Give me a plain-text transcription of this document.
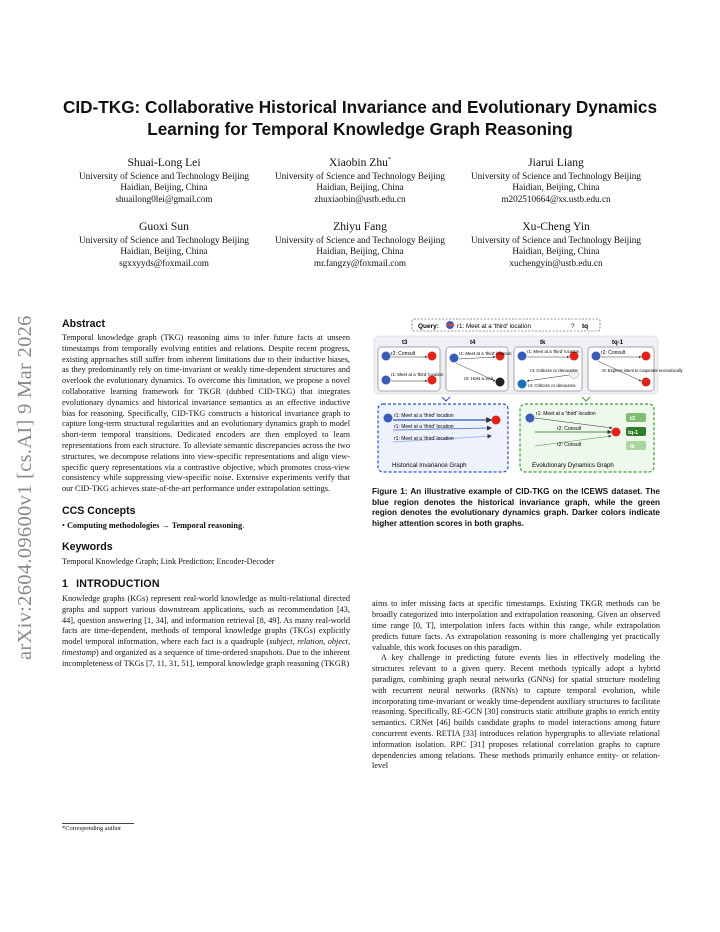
arXiv:2604.09600v1 [cs.AI] 9 Mar 2026
CID-TKG: Collaborative Historical Invariance and Evolutionary Dynamics Learning for Temporal Knowledge Graph Reasoning
Shuai-Long Lei
University of Science and Technology Beijing
Haidian, Beijing, China
shuailong0lei@gmail.com
Xiaobin Zhu*
University of Science and Technology Beijing
Haidian, Beijing, China
zhuxiaobin@ustb.edu.cn
Jiarui Liang
University of Science and Technology Beijing
Haidian, Beijing, China
m202510664@xs.ustb.edu.cn
Guoxi Sun
University of Science and Technology Beijing
Haidian, Beijing, China
sgxxyyds@foxmail.com
Zhiyu Fang
University of Science and Technology Beijing
Haidian, Beijing, China
mr.fangzy@foxmail.com
Xu-Cheng Yin
University of Science and Technology Beijing
Haidian, Beijing, China
xuchengyin@ustb.edu.cn
Abstract

Temporal knowledge graph (TKG) reasoning aims to infer future facts at unseen timestamps from temporally evolving entities and relations. Despite recent progress, existing approaches still suffer from inherent limitations due to their inductive biases, as they predominantly rely on time-invariant or weakly time-dependent structures and overlook the evolutionary dynamics. To overcome this limitation, we propose a novel collaborative learning framework for TKGR (dubbed CID-TKG) that integrates evolutionary dynamics and historical invariance semantics as an effective inductive bias for reasoning. Specifically, CID-TKG constructs a historical invariance graph to capture long-term structural regularities and an evolutionary dynamics graph to model short-term temporal transitions. Dedicated encoders are then employed to learn representations from each structure. To alleviate semantic discrepancies across the two structures, we decompose relations into view-specific representations and align view-specific query representations via a contrastive objective, which promotes cross-view consistency while suppressing view-specific noise. Extensive experiments verify that our CID-TKG achieves state-of-the-art performance under extrapolation settings.

CCS Concepts
• Computing methodologies → Temporal reasoning.
Keywords
Temporal Knowledge Graph; Link Prediction; Encoder-Decoder
1 INTRODUCTION

Knowledge graphs (KGs) represent real-world knowledge as multi-relational directed graphs and support various downstream applications, such as recommendation [43, 44], question answering [1, 34], and information retrieval [8, 49]. As many real-world facts are time-dependent, methods of temporal knowledge graphs (TKGs) explicitly model temporal information, where each fact is a quadruple (subject, relation, object, timestamp) and organized as a sequence of time-ordered snapshots. Due to the inherent incompleteness of TKGs [7, 11, 31, 51], temporal knowledge graph reasoning (TKGR)

*Corresponding author
Query:	r1: Meet at a 'third' location	? tq
t3	t4	tk	tq-1
r2: Consult
r1: Meet at a 'third' location
r1: Meet at a 'third' location
r3: Host a visit
r1: Meet at a 'third' location
r4: Criticize or denounce
r4: Criticize or denounce
r2: Consult
r5: Express intent to cooperate economically
r1: Meet at a 'third' location
r1: Meet at a 'third' location
r1: Meet at a 'third' location
Historical Invariance Graph
r1: Meet at a 'third' location
r2: Consult
r2: Consult
t3
tq-1
tk
Evolutionary Dynamics Graph

Figure 1: An illustrative example of CID-TKG on the ICEWS dataset. The blue region denotes the historical invariance graph, while the green region denotes the evolutionary dynamics graph. Darker colors indicate higher attention scores in both graphs.

aims to infer missing facts at specific timestamps. Existing TKGR methods can be broadly categorized into interpolation and extrapolation reasoning. Given an observed time range [0, T], interpolation infers facts within this range, while extrapolation predicts future facts. As extrapolation reasoning is more challenging yet practically valuable, this work focuses on this paradigm.

A key challenge in predicting future events lies in effectively modeling the structures relevant to a given query. Recent methods typically adopt a hybrid paradigm, combining graph neural networks (GNNs) for spatial structure modeling with recurrent neural networks (RNNs) to capture temporal evolution, while incorporating time-invariant or weakly time-dependent auxiliary structures to facilitate reasoning. Specifically, RE-GCN [30] constructs static attribute graphs to enrich entity semantics. CRNet [46] builds candidate graphs to model interactions among future concurrent events. RETIA [33] introduces relation hypergraphs to alleviate relational information isolation. RPC [31] proposes relational correlation graphs to capture dependencies among relations. These methods primarily enhance entity- or relation-level
